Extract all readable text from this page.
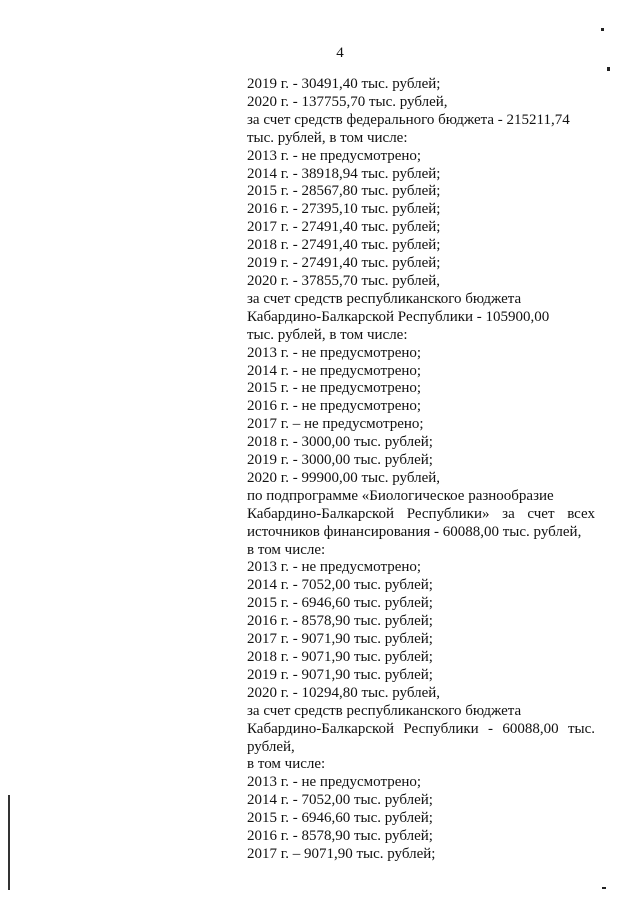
4
2019 г. - 30491,40 тыс. рублей;
2020 г. - 137755,70 тыс. рублей,
за счет средств федерального бюджета - 215211,74
тыс. рублей, в том числе:
2013 г. - не предусмотрено;
2014 г. - 38918,94 тыс. рублей;
2015 г. - 28567,80 тыс. рублей;
2016 г. - 27395,10 тыс. рублей;
2017 г. - 27491,40 тыс. рублей;
2018 г. - 27491,40 тыс. рублей;
2019 г. - 27491,40 тыс. рублей;
2020 г. - 37855,70 тыс. рублей,
за счет средств республиканского бюджета
Кабардино-Балкарской Республики - 105900,00
тыс. рублей, в том числе:
2013 г. - не предусмотрено;
2014 г. - не предусмотрено;
2015 г. - не предусмотрено;
2016 г. - не предусмотрено;
2017 г. – не предусмотрено;
2018 г. - 3000,00 тыс. рублей;
2019 г. - 3000,00 тыс. рублей;
2020 г. - 99900,00 тыс. рублей,
по подпрограмме «Биологическое разнообразие
Кабардино-Балкарской Республики» за счет всех
источников финансирования - 60088,00 тыс. рублей,
в том числе:
2013 г. - не предусмотрено;
2014 г. - 7052,00 тыс. рублей;
2015 г. - 6946,60 тыс. рублей;
2016 г. - 8578,90 тыс. рублей;
2017 г. - 9071,90 тыс. рублей;
2018 г. - 9071,90 тыс. рублей;
2019 г. - 9071,90 тыс. рублей;
2020 г. - 10294,80 тыс. рублей,
за счет средств республиканского бюджета
Кабардино-Балкарской Республики - 60088,00 тыс.
рублей,
в том числе:
2013 г. - не предусмотрено;
2014 г. - 7052,00 тыс. рублей;
2015 г. - 6946,60 тыс. рублей;
2016 г. - 8578,90 тыс. рублей;
2017 г. – 9071,90 тыс. рублей;
